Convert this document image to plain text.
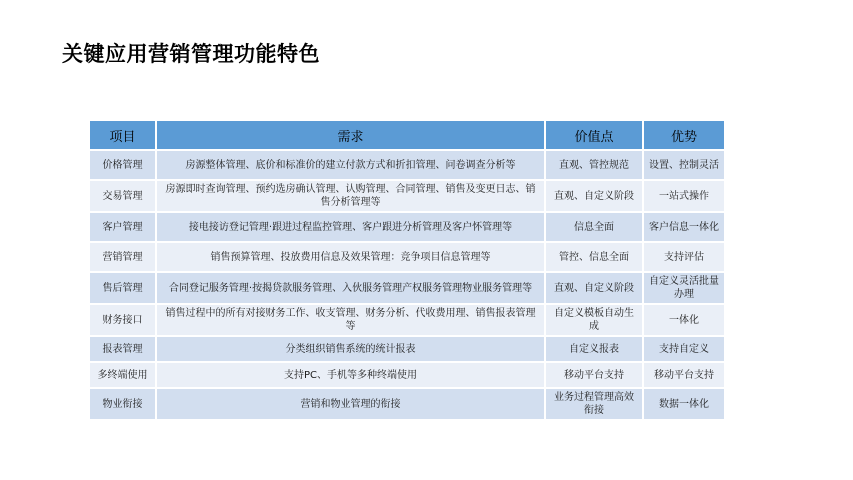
关键应用营销管理功能特色
项目	需求	价值点	优势
价格管理	房源整体管理、底价和标准价的建立付款方式和折扣管理、问卷调查分析等	直观、管控规范	设置、控制灵活
交易管理	房源即时查询管理、预约选房确认管理、认购管理、合同管理、销售及变更日志、销售分析管理等	直观、自定义阶段	一站式操作
客户管理	接电接访登记管理·跟进过程监控管理、客户跟进分析管理及客户怀管理等	信息全面	客户信息一体化
营销管理	销售预算管理、投放费用信息及效果管理：竞争项目信息管理等	管控、信息全面	支持评估
售后管理	合同登记服务管理·按揭贷款服务管理、入伙服务管理产权服务管理物业服务管理等	直观、自定义阶段	自定义灵活批量办理
财务接口	销售过程中的所有对接财务工作、收支管理、财务分析、代收费用理、销售报表管理等	自定义模板自动生成	一体化
报表管理	分类组织销售系统的统计报表	自定义报表	支持自定义
多终端使用	支持PC、手机等多种终端使用	移动平台支持	移动平台支持
物业衔接	营销和物业管理的衔接	业务过程管理高效衔接	数据一体化
